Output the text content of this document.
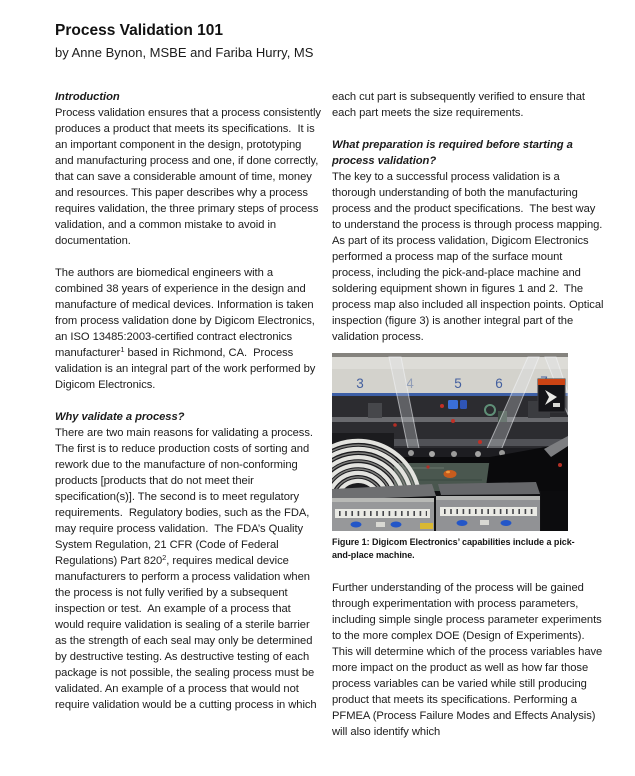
Process Validation 101
by Anne Bynon, MSBE and Fariba Hurry, MS
Introduction

Process validation ensures that a process consistently produces a product that meets its specifications.  It is an important component in the design, prototyping and manufacturing process and one, if done correctly, that can save a considerable amount of time, money and resources. This paper describes why a process requires validation, the three primary steps of process validation, and a common mistake to avoid in documentation.

The authors are biomedical engineers with a combined 38 years of experience in the design and manufacture of medical devices. Information is taken from process validation done by Digicom Electronics, an ISO 13485:2003-certified contract electronics manufacturer$^1$ based in Richmond, CA.  Process validation is an integral part of the work performed by Digicom Electronics.

Why validate a process?

There are two main reasons for validating a process.  The first is to reduce production costs of sorting and rework due to the manufacture of non-conforming products [products that do not meet their specification(s)]. The second is to meet regulatory requirements.  Regulatory bodies, such as the FDA, may require process validation.  The FDA’s Quality System Regulation, 21 CFR (Code of Federal Regulations) Part 820$^2$, requires medical device manufacturers to perform a process validation when the process is not fully verified by a subsequent inspection or test.  An example of a process that would require validation is sealing of a sterile barrier as the strength of each seal may only be determined by destructive testing. As destructive testing of each package is not possible, the sealing process must be validated. An example of a process that would not require validation would be a cutting process in which

each cut part is subsequently verified to ensure that each part meets the size requirements.

What preparation is required before starting a process validation?

The key to a successful process validation is a thorough understanding of both the manufacturing process and the product specifications.  The best way to understand the process is through process mapping.  As part of its process validation, Digicom Electronics performed a process map of the surface mount process, including the pick-and-place machine and soldering equipment shown in figures 1 and 2.  The process map also included all inspection points. Optical inspection (figure 3) is another integral part of the validation process.

3	4	5 6
Figure 1: Digicom Electronics’ capabilities include a pick-and-place machine.

Further understanding of the process will be gained through experimentation with process parameters, including simple single process parameter experiments to the more complex DOE (Design of Experiments).  This will determine which of the process variables have more impact on the product as well as how far those process variables can be varied while still producing product that meets its specifications. Performing a PFMEA (Process Failure Modes and Effects Analysis) will also identify which
